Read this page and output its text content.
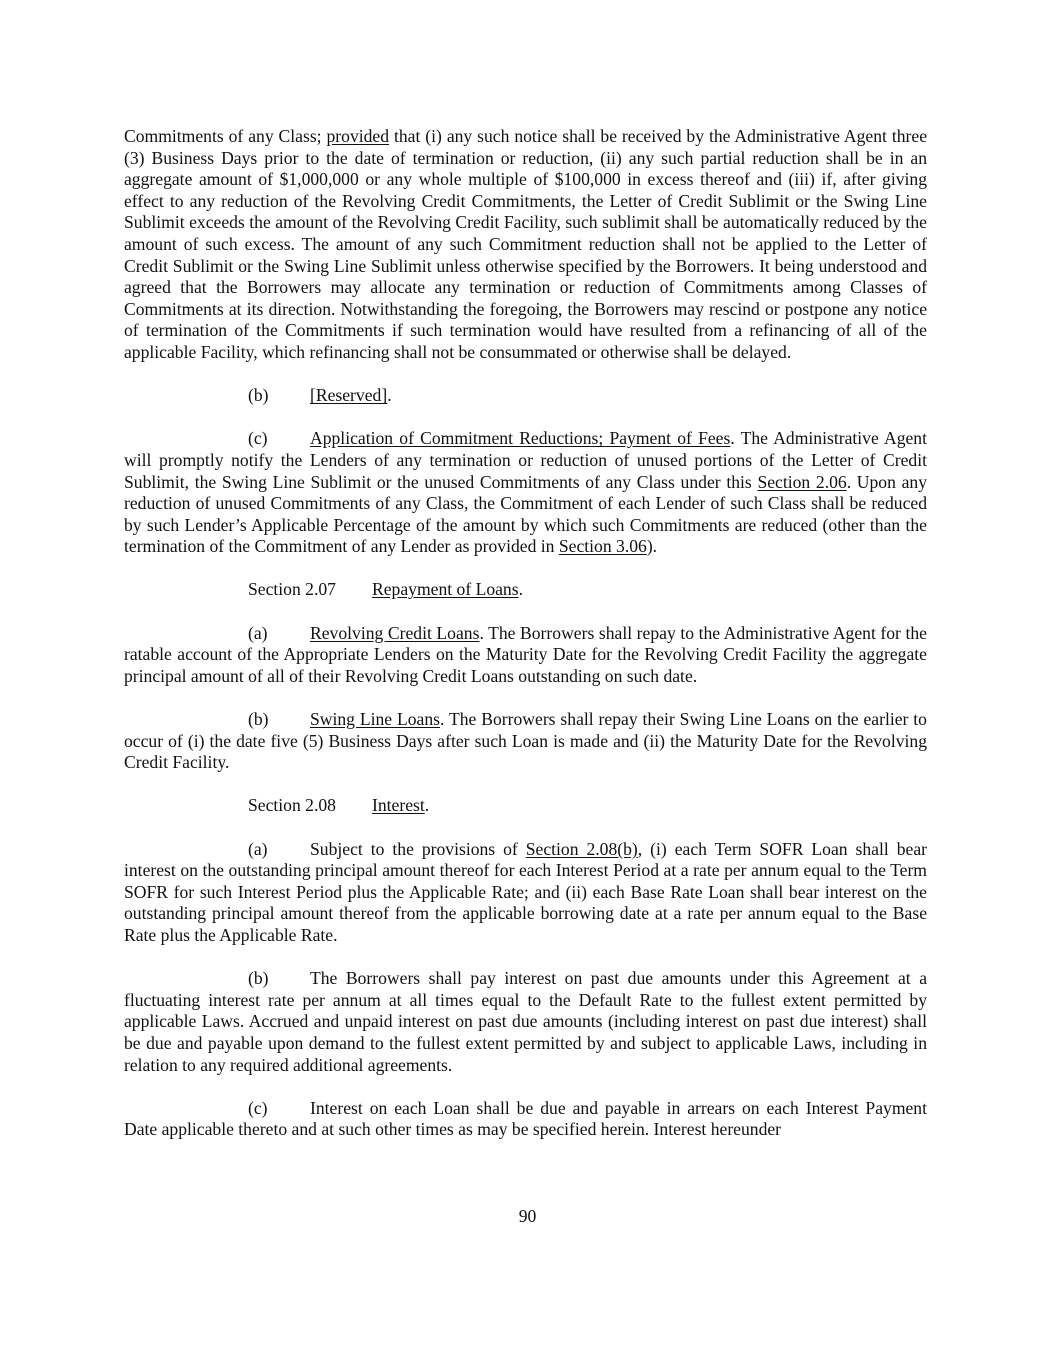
Commitments of any Class; provided that (i) any such notice shall be received by the Administrative Agent three (3) Business Days prior to the date of termination or reduction, (ii) any such partial reduction shall be in an aggregate amount of $1,000,000 or any whole multiple of $100,000 in excess thereof and (iii) if, after giving effect to any reduction of the Revolving Credit Commitments, the Letter of Credit Sublimit or the Swing Line Sublimit exceeds the amount of the Revolving Credit Facility, such sublimit shall be automatically reduced by the amount of such excess. The amount of any such Commitment reduction shall not be applied to the Letter of Credit Sublimit or the Swing Line Sublimit unless otherwise specified by the Borrowers. It being understood and agreed that the Borrowers may allocate any termination or reduction of Commitments among Classes of Commitments at its direction. Notwithstanding the foregoing, the Borrowers may rescind or postpone any notice of termination of the Commitments if such termination would have resulted from a refinancing of all of the applicable Facility, which refinancing shall not be consummated or otherwise shall be delayed.

(b) [Reserved].

(c) Application of Commitment Reductions; Payment of Fees. The Administrative Agent will promptly notify the Lenders of any termination or reduction of unused portions of the Letter of Credit Sublimit, the Swing Line Sublimit or the unused Commitments of any Class under this Section 2.06. Upon any reduction of unused Commitments of any Class, the Commitment of each Lender of such Class shall be reduced by such Lender’s Applicable Percentage of the amount by which such Commitments are reduced (other than the termination of the Commitment of any Lender as provided in Section 3.06).

Section 2.07 Repayment of Loans.

(a) Revolving Credit Loans. The Borrowers shall repay to the Administrative Agent for the ratable account of the Appropriate Lenders on the Maturity Date for the Revolving Credit Facility the aggregate principal amount of all of their Revolving Credit Loans outstanding on such date.

(b) Swing Line Loans. The Borrowers shall repay their Swing Line Loans on the earlier to occur of (i) the date five (5) Business Days after such Loan is made and (ii) the Maturity Date for the Revolving Credit Facility.

Section 2.08 Interest.

(a) Subject to the provisions of Section 2.08(b), (i) each Term SOFR Loan shall bear interest on the outstanding principal amount thereof for each Interest Period at a rate per annum equal to the Term SOFR for such Interest Period plus the Applicable Rate; and (ii) each Base Rate Loan shall bear interest on the outstanding principal amount thereof from the applicable borrowing date at a rate per annum equal to the Base Rate plus the Applicable Rate.

(b) The Borrowers shall pay interest on past due amounts under this Agreement at a fluctuating interest rate per annum at all times equal to the Default Rate to the fullest extent permitted by applicable Laws. Accrued and unpaid interest on past due amounts (including interest on past due interest) shall be due and payable upon demand to the fullest extent permitted by and subject to applicable Laws, including in relation to any required additional agreements.

(c) Interest on each Loan shall be due and payable in arrears on each Interest Payment Date applicable thereto and at such other times as may be specified herein. Interest hereunder

90
